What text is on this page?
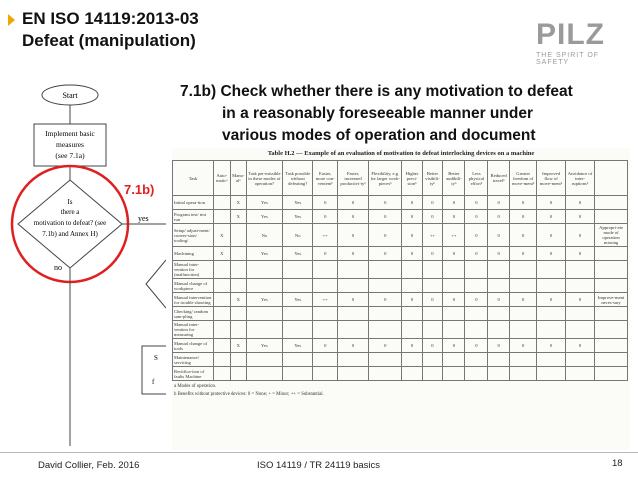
EN ISO 14119:2013-03
Defeat (manipulation)	PILZ
THE SPIRIT OF SAFETY
7.1b) Check whether there is any motivation to defeat
in a reasonably foreseeable manner under
various modes of operation and document
Start
Implement basic
measures
(see 7.1a)
Is
there a
motivation to defeat? (see
7.1b) and Annex H)
7.1b)
yes
no
S
f
Table H.2 — Example of an evaluation of motivation to defeat interlocking devices on a machine
Task	Auto-maticᵃ	Manu-alᵃ	Task per-missible in these modes of operation?	Task possible without defeating?	Easier, more con-venientᵇ	Faster, increased productivi-tyᵇ	Flexibility, e.g. for larger work-piecesᵇ	Higher preci-sionᵇ	Better visibili-tyᵇ	Better audibili-tyᵇ	Less physical effortᵇ	Reduced travelᵇ	Greater freedom of move-mentᵇ	Improved flow of move-mentᵇ	Avoidance of inter-ruptionsᵇ	
Initial opera-tion		X	Yes	Yes	0	0	0	0	0	0	0	0	0	0	0	
Program test/ test run		X	Yes	Yes	0	0	0	0	0	0	0	0	0	0	0	
Setup/ adjust-ment/ conver-sion/ tooling/	X		No	No	++	0	0	0	++	++	0	0	0	0	0	Appropri-ate mode of operation missing
Machining	X		Yes	Yes	0	0	0	0	0	0	0	0	0	0	0	
Manual inter-vention for (malfunction)																
Manual change of workpiece																
Manual intervention for trouble shooting		X	Yes	Yes	++	0	0	0	0	0	0	0	0	0	0	Improve-ment neces-sary
Checking/ random sam-pling																
Manual inter-vention for measuring																
Manual change of tools		X	Yes	Yes	0	0	0	0	0	0	0	0	0	0	0	
Maintenance/ servicing																
Rectifica-tion of faults Machine																
a Modes of operation.
b Benefits without protective devices: 0 = None; + = Minor; ++ = Substantial.
David Collier, Feb. 2016	ISO 14119 / TR 24119 basics	18
